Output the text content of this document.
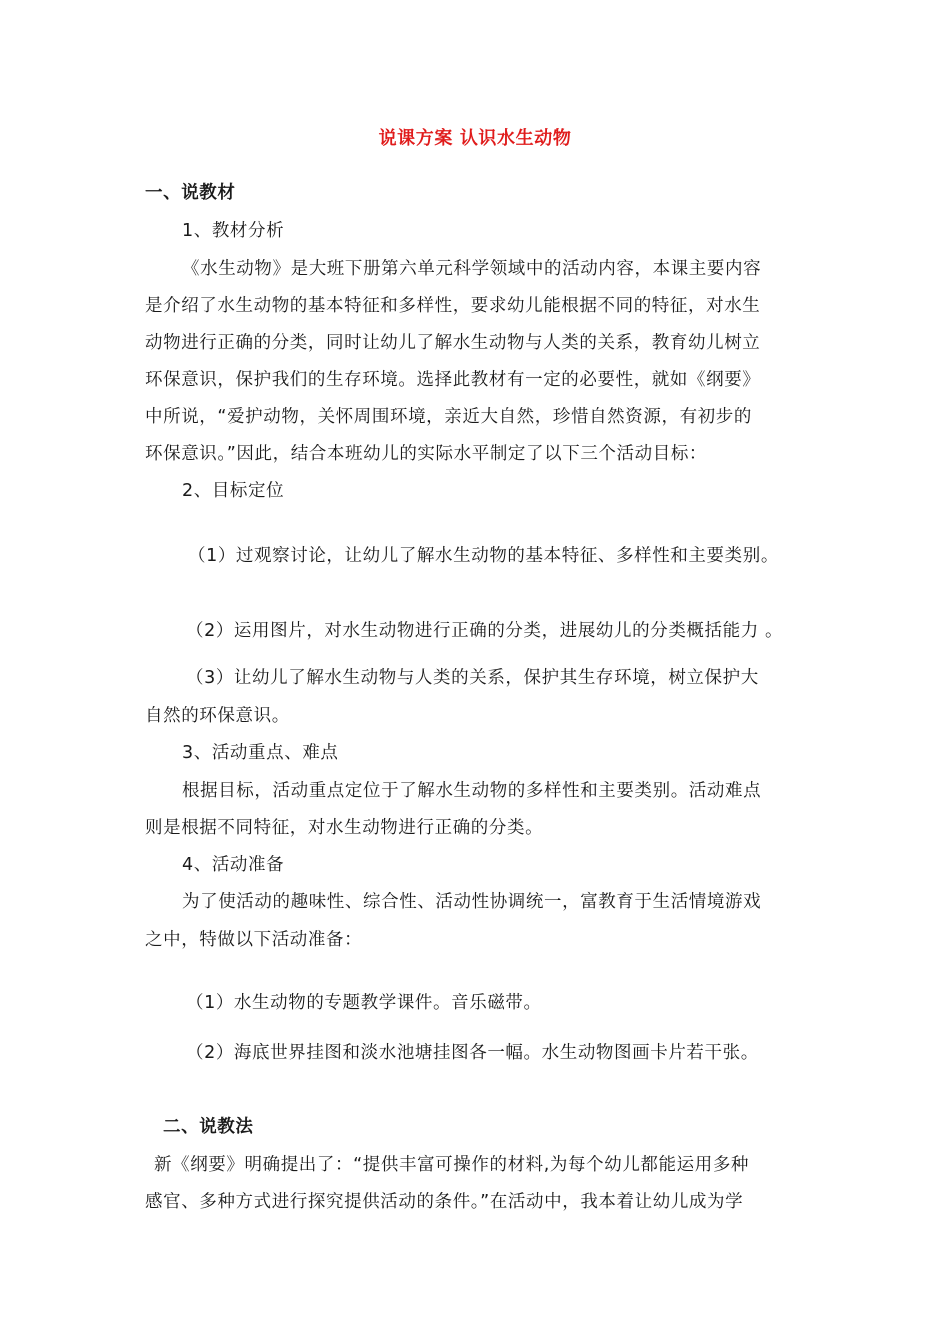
说课方案 认识水生动物
一、说教材
1、教材分析
《水生动物》是大班下册第六单元科学领域中的活动内容，本课主要内容
是介绍了水生动物的基本特征和多样性，要求幼儿能根据不同的特征，对水生
动物进行正确的分类，同时让幼儿了解水生动物与人类的关系，教育幼儿树立
环保意识，保护我们的生存环境。选择此教材有一定的必要性，就如《纲要》
中所说，“爱护动物，关怀周围环境，亲近大自然，珍惜自然资源，有初步的
环保意识。”因此，结合本班幼儿的实际水平制定了以下三个活动目标：
2、目标定位
（1）过观察讨论，让幼儿了解水生动物的基本特征、多样性和主要类别。
（2）运用图片，对水生动物进行正确的分类，进展幼儿的分类概括能力 。
（3）让幼儿了解水生动物与人类的关系，保护其生存环境，树立保护大
自然的环保意识。
3、活动重点、难点
根据目标，活动重点定位于了解水生动物的多样性和主要类别。活动难点
则是根据不同特征，对水生动物进行正确的分类。
4、活动准备
为了使活动的趣味性、综合性、活动性协调统一，富教育于生活情境游戏
之中，特做以下活动准备：
（1）水生动物的专题教学课件。音乐磁带。
（2）海底世界挂图和淡水池塘挂图各一幅。水生动物图画卡片若干张。
二、说教法
新《纲要》明确提出了：“提供丰富可操作的材料,为每个幼儿都能运用多种
感官、多种方式进行探究提供活动的条件。”在活动中，我本着让幼儿成为学
